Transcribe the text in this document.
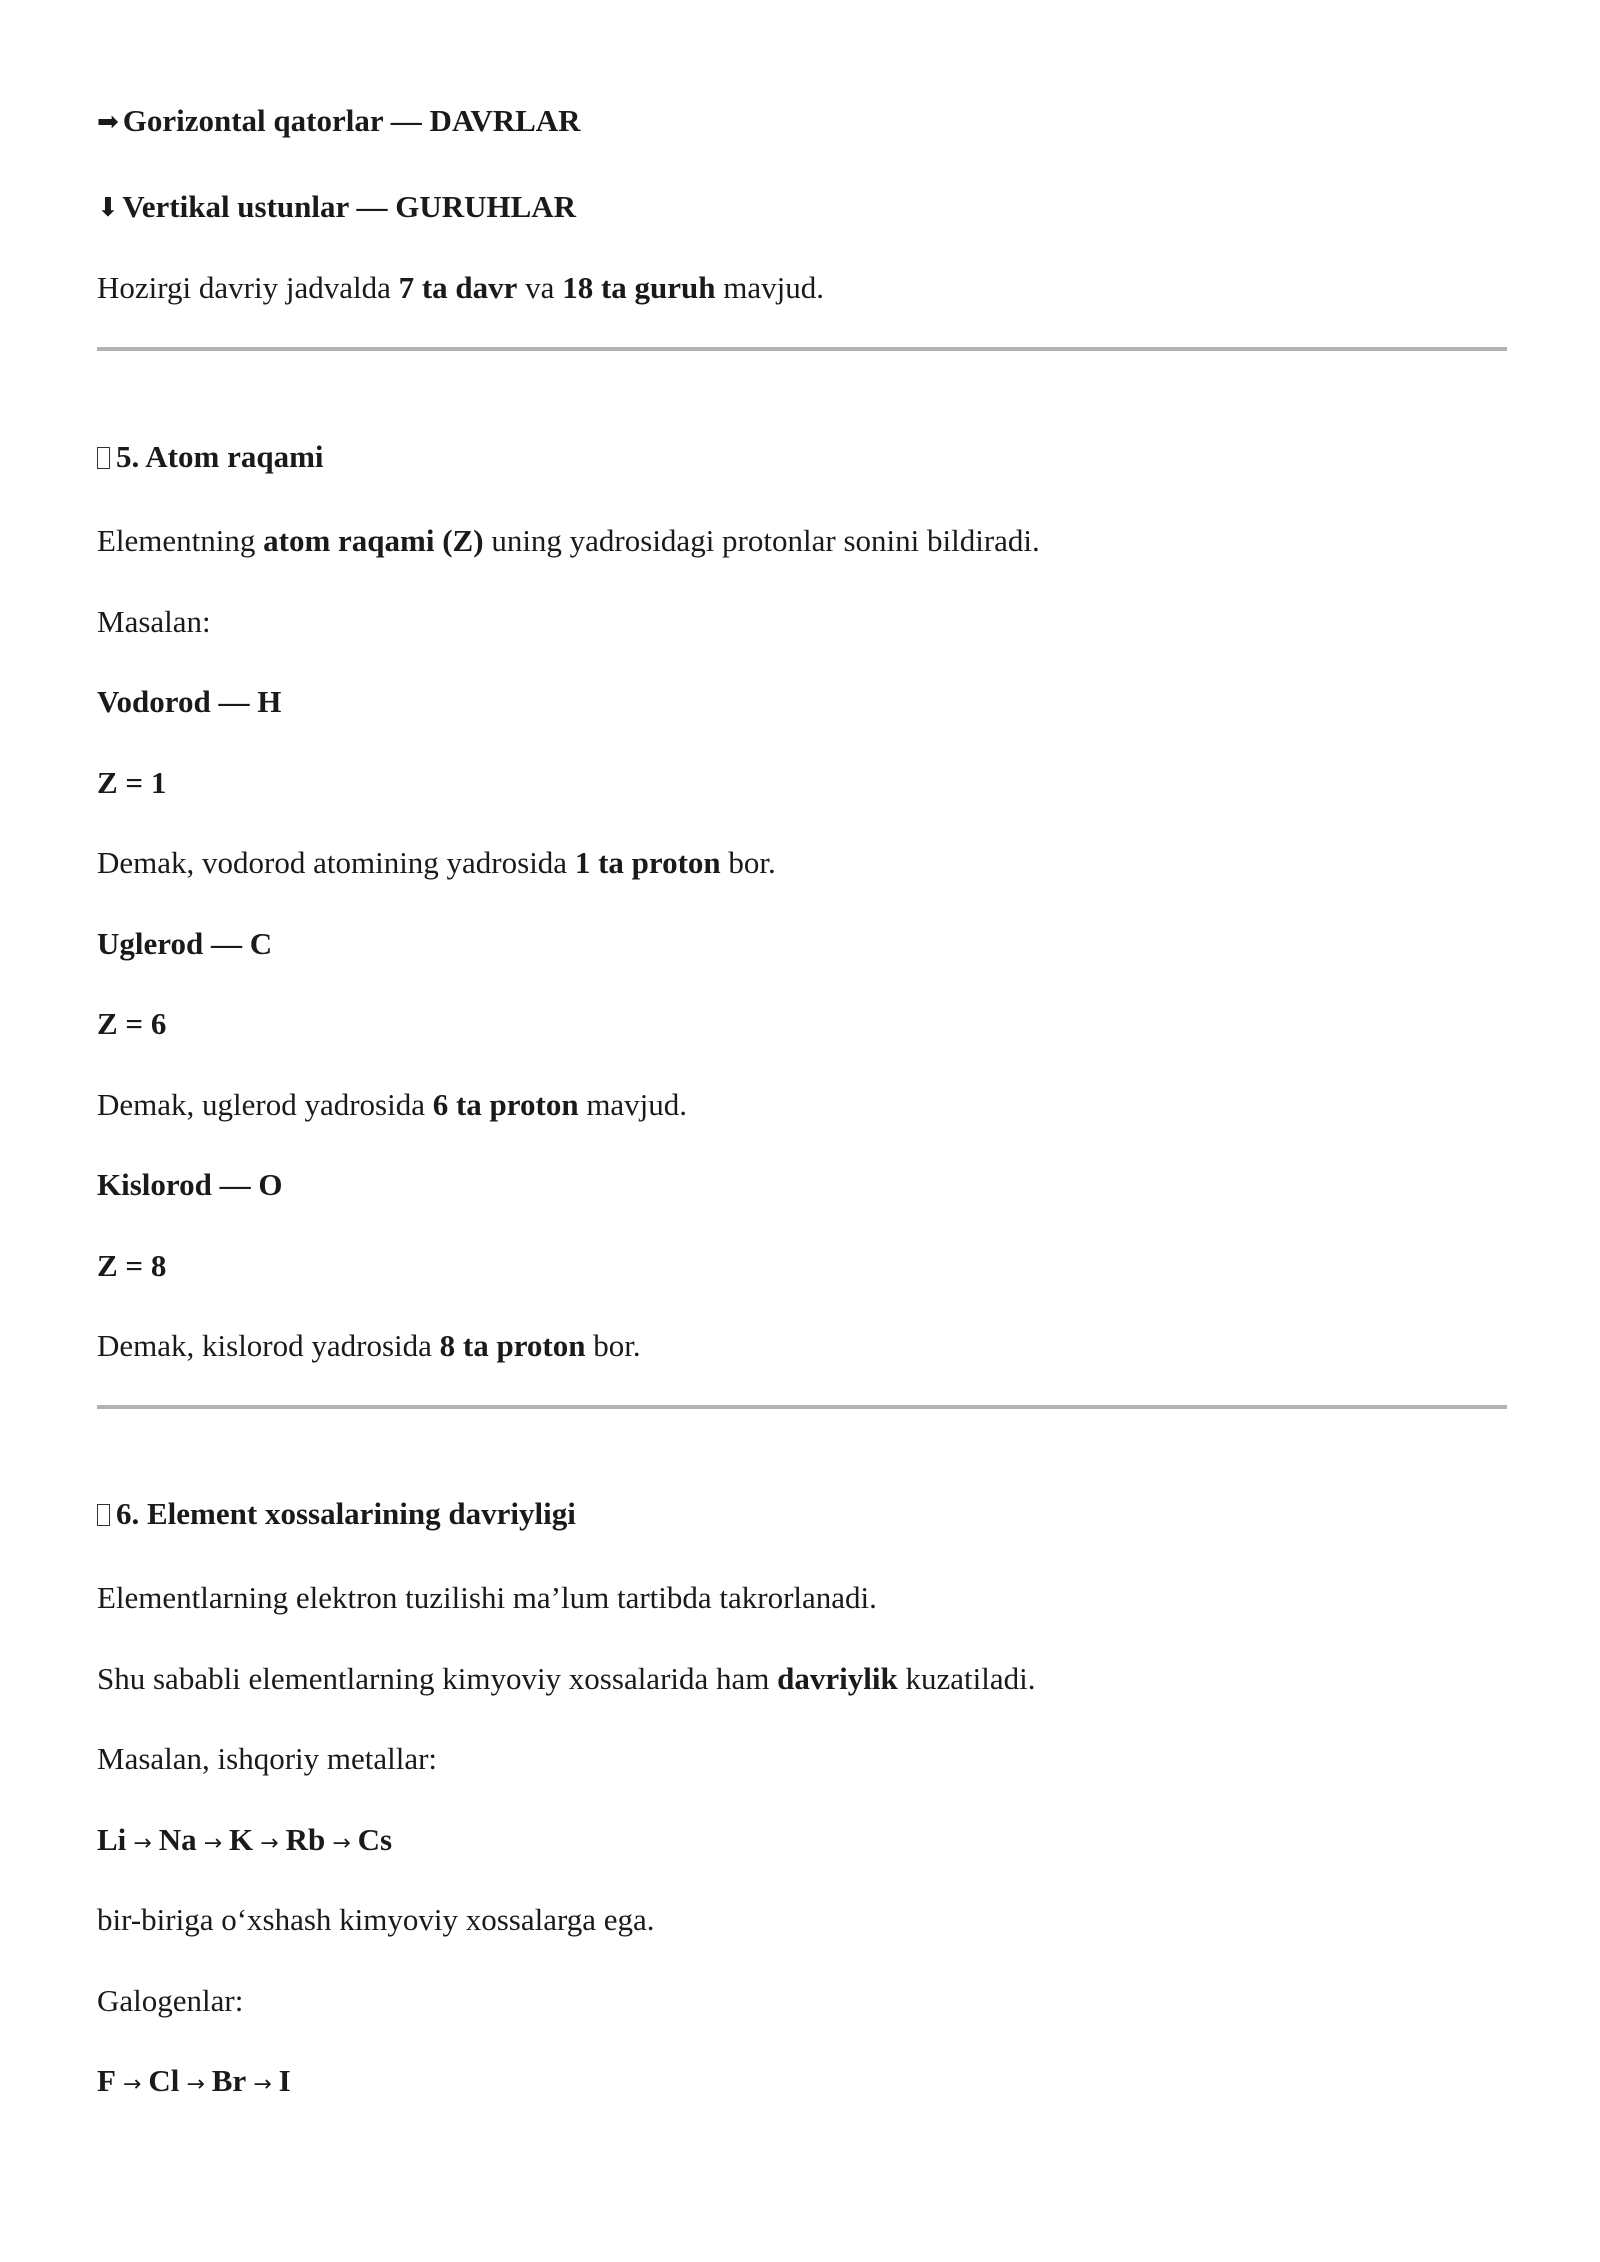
➡ Gorizontal qatorlar — DAVRLAR
⬇ Vertikal ustunlar — GURUHLAR
Hozirgi davriy jadvalda 7 ta davr va 18 ta guruh mavjud.
5. Atom raqami
Elementning atom raqami (Z) uning yadrosidagi protonlar sonini bildiradi.
Masalan:
Vodorod — H
Z = 1
Demak, vodorod atomining yadrosida 1 ta proton bor.
Uglerod — C
Z = 6
Demak, uglerod yadrosida 6 ta proton mavjud.
Kislorod — O
Z = 8
Demak, kislorod yadrosida 8 ta proton bor.
6. Element xossalarining davriyligi
Elementlarning elektron tuzilishi ma’lum tartibda takrorlanadi.
Shu sababli elementlarning kimyoviy xossalarida ham davriylik kuzatiladi.
Masalan, ishqoriy metallar:
Li → Na → K → Rb → Cs
bir-biriga o‘xshash kimyoviy xossalarga ega.
Galogenlar:
F → Cl → Br → I
